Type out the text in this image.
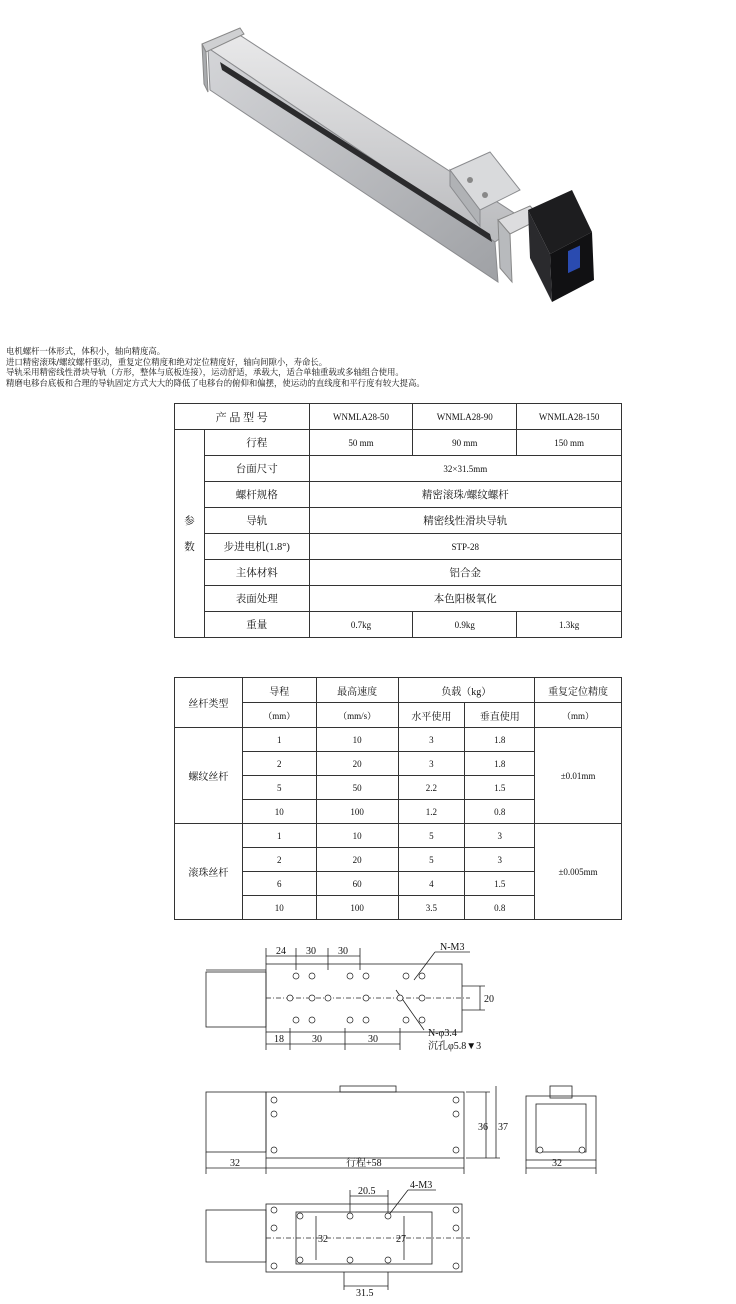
电机螺杆一体形式，体积小，轴向精度高。
进口精密滚珠/螺纹螺杆驱动，重复定位精度和绝对定位精度好，轴向间隙小，寿命长。
导轨采用精密线性滑块导轨（方形，整体与底板连接），运动舒适，承载大，适合单轴重载或多轴组合使用。
精磨电移台底板和合理的导轨固定方式大大的降低了电移台的俯仰和偏摆，使运动的直线度和平行度有较大提高。
产 品 型 号		WNMLA28-50	WNMLA28-90	WNMLA28-150
参

数	行程	50 mm	90 mm	150 mm
	台面尺寸	32×31.5mm		
	螺杆规格	精密滚珠/螺纹螺杆		
	导轨	精密线性滑块导轨		
	步进电机(1.8°)	STP-28		
	主体材料	铝合金		
	表面处理	本色阳极氧化		
	重量	0.7kg	0.9kg	1.3kg
丝杆类型	导程	最高速度	负载（kg）		重复定位精度
	（mm）	（mm/s）	水平使用	垂直使用	（mm）
螺纹丝杆	1	10	3	1.8	±0.01mm
	2	20	3	1.8	
	5	50	2.2	1.5	
	10	100	1.2	0.8	
滚珠丝杆	1	10	5	3	±0.005mm
	2	20	5	3	
	6	60	4	1.5	
	10	100	3.5	0.8	
24 30 30	N-M3
20
18	30	30
N-φ3.4
沉孔φ5.8▼3
36 37
32	行程+58	32
20.5
4-M3
32	27
31.5
